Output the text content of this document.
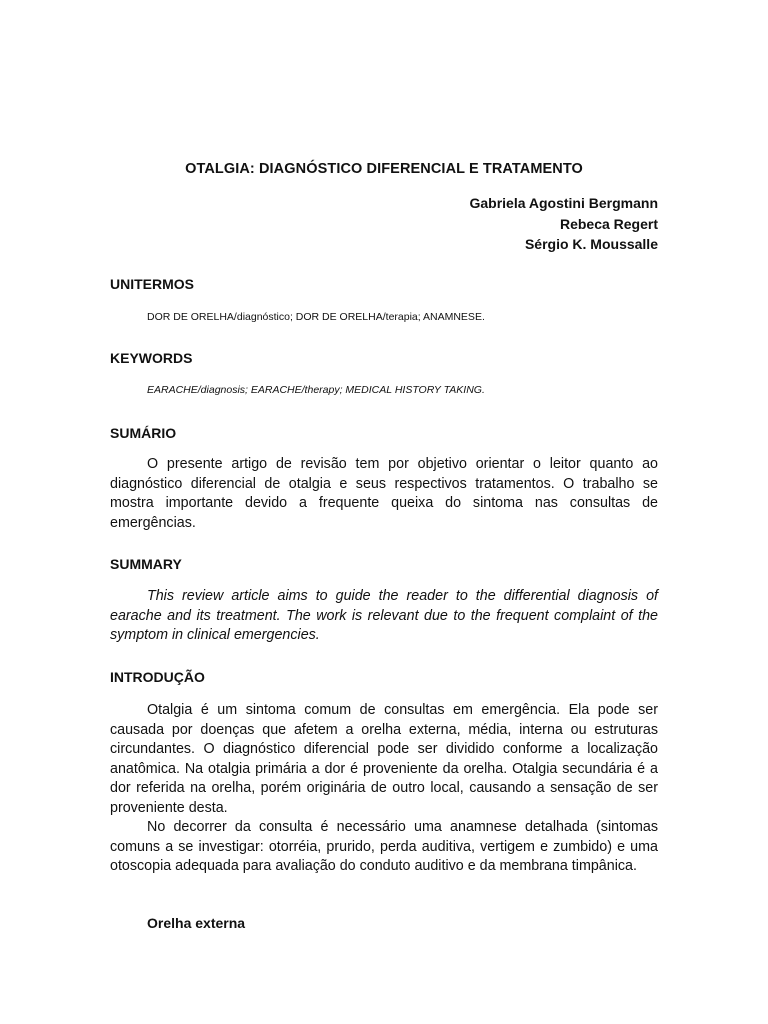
OTALGIA: DIAGNÓSTICO DIFERENCIAL E TRATAMENTO
Gabriela Agostini Bergmann
Rebeca Regert
Sérgio K. Moussalle
UNITERMOS
DOR DE ORELHA/diagnóstico; DOR DE ORELHA/terapia; ANAMNESE.
KEYWORDS
EARACHE/diagnosis; EARACHE/therapy; MEDICAL HISTORY TAKING.
SUMÁRIO

O presente artigo de revisão tem por objetivo orientar o leitor quanto ao diagnóstico diferencial de otalgia e seus respectivos tratamentos. O trabalho se mostra importante devido a frequente queixa do sintoma nas consultas de emergências.

SUMMARY

This review article aims to guide the reader to the differential diagnosis of earache and its treatment. The work is relevant due to the frequent complaint of the symptom in clinical emergencies.

INTRODUÇÃO

Otalgia é um sintoma comum de consultas em emergência. Ela pode ser causada por doenças que afetem a orelha externa, média, interna ou estruturas circundantes. O diagnóstico diferencial pode ser dividido conforme a localização anatômica. Na otalgia primária a dor é proveniente da orelha. Otalgia secundária é a dor referida na orelha, porém originária de outro local, causando a sensação de ser proveniente desta.

No decorrer da consulta é necessário uma anamnese detalhada (sintomas comuns a se investigar: otorréia, prurido, perda auditiva, vertigem e zumbido) e uma otoscopia adequada para avaliação do conduto auditivo e da membrana timpânica.

Orelha externa
